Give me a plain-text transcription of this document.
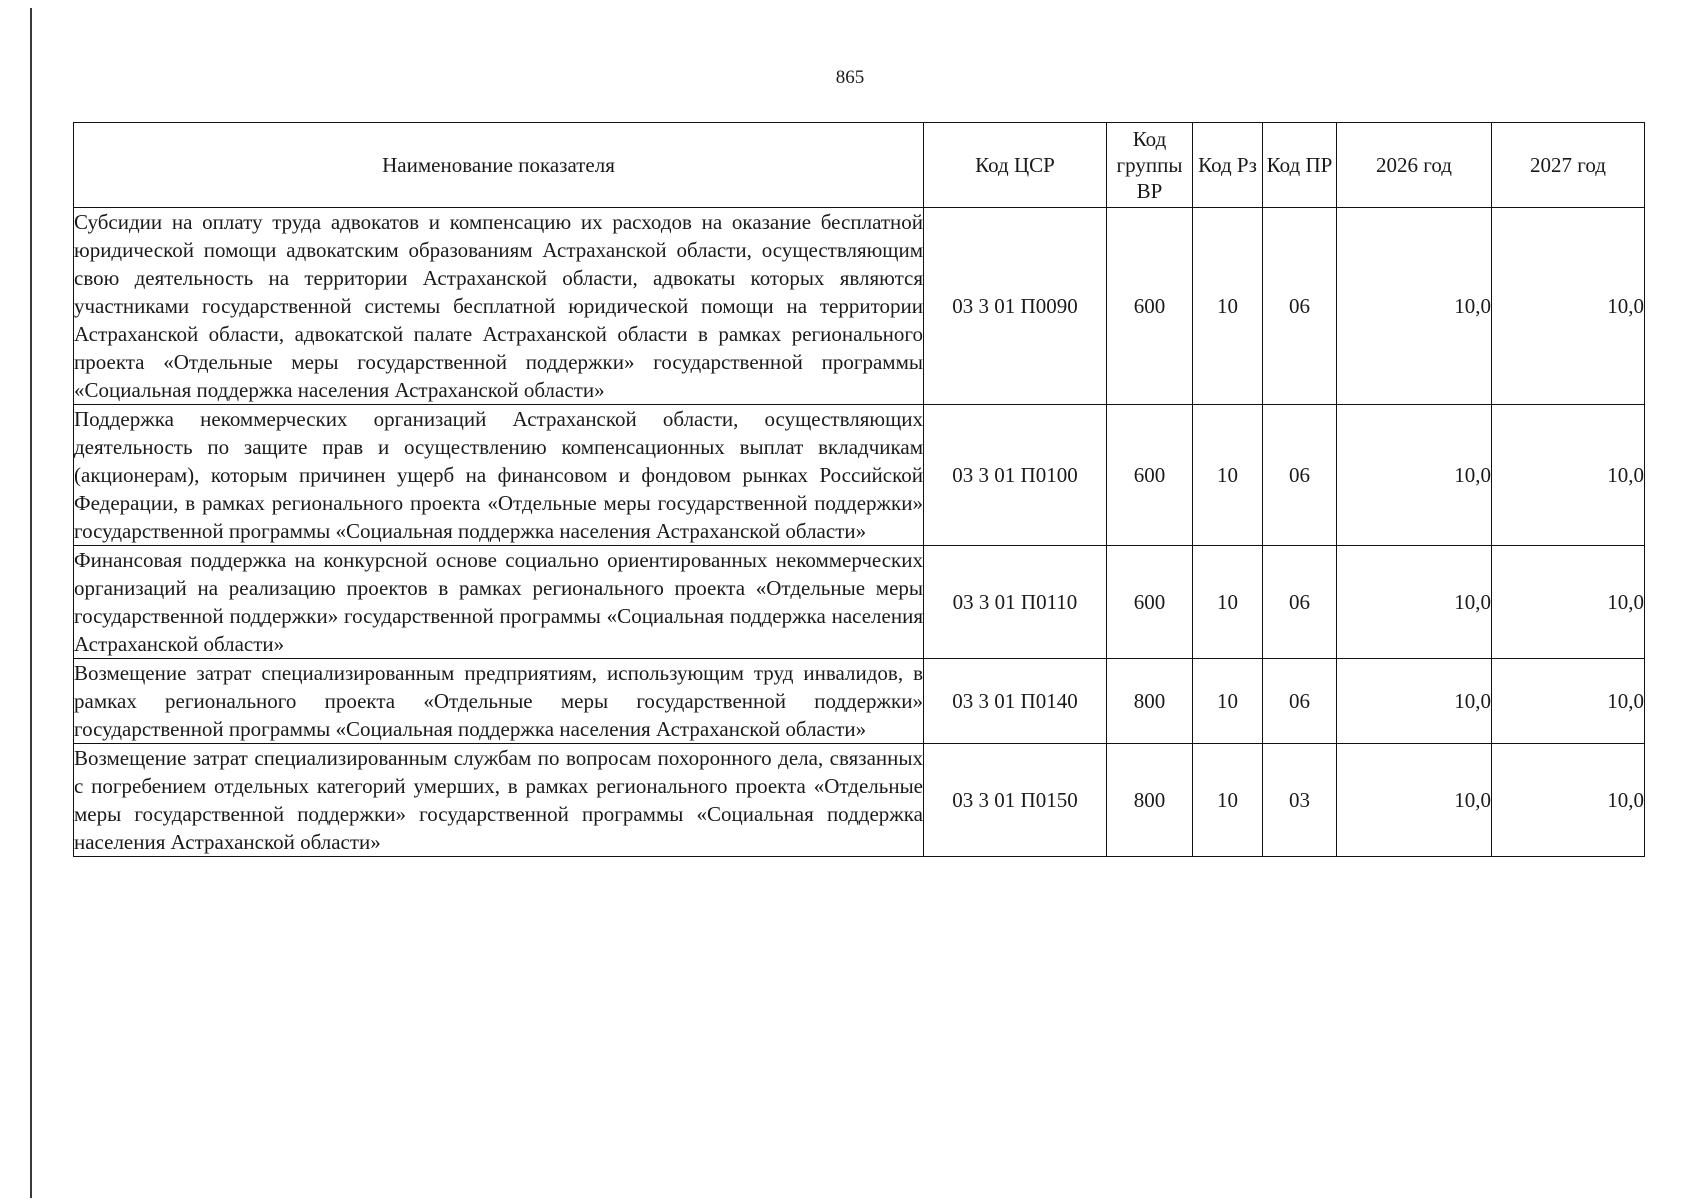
865
Наименование показателя	Код ЦСР	Код группы ВР	Код Рз	Код ПР	2026 год	2027 год

Субсидии на оплату труда адвокатов и компенсацию их расходов на оказание бесплатной юридической помощи адвокатским образованиям Астраханской области, осуществляющим свою деятельность на территории Астраханской области, адвокаты которых являются участниками государственной системы бесплатной юридической помощи на территории Астраханской области, адвокатской палате Астраханской области в рамках регионального проекта «Отдельные меры государственной поддержки» государственной программы «Социальная поддержка населения Астраханской области»	03 3 01 П0090	600	10	06	10,0	10,0

Поддержка некоммерческих организаций Астраханской области, осуществляющих деятельность по защите прав и осуществлению компенсационных выплат вкладчикам (акционерам), которым причинен ущерб на финансовом и фондовом рынках Российской Федерации, в рамках регионального проекта «Отдельные меры государственной поддержки» государственной программы «Социальная поддержка населения Астраханской области»	03 3 01 П0100	600	10	06	10,0	10,0

Финансовая поддержка на конкурсной основе социально ориентированных некоммерческих организаций на реализацию проектов в рамках регионального проекта «Отдельные меры государственной поддержки» государственной программы «Социальная поддержка населения Астраханской области»	03 3 01 П0110	600	10	06	10,0	10,0

Возмещение затрат специализированным предприятиям, использующим труд инвалидов, в рамках регионального проекта «Отдельные меры государственной поддержки» государственной программы «Социальная поддержка населения Астраханской области»	03 3 01 П0140	800	10	06	10,0	10,0

Возмещение затрат специализированным службам по вопросам похоронного дела, связанных с погребением отдельных категорий умерших, в рамках регионального проекта «Отдельные меры государственной поддержки» государственной программы «Социальная поддержка населения Астраханской области»	03 3 01 П0150	800	10	03	10,0	10,0
